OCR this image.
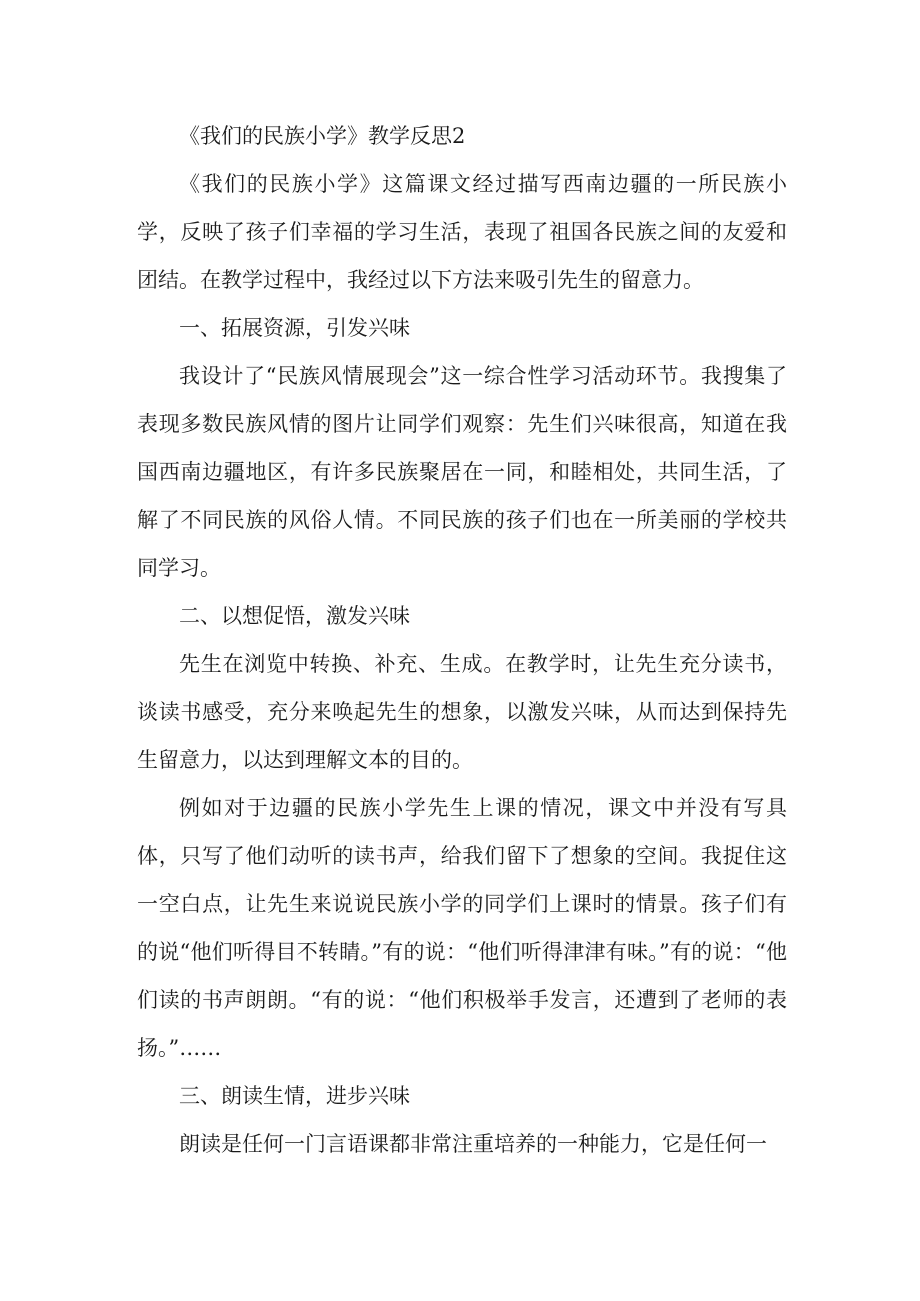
《我们的民族小学》教学反思2

《我们的民族小学》这篇课文经过描写西南边疆的一所民族小学，反映了孩子们幸福的学习生活，表现了祖国各民族之间的友爱和团结。在教学过程中，我经过以下方法来吸引先生的留意力。

一、拓展资源，引发兴味

我设计了“民族风情展现会”这一综合性学习活动环节。我搜集了表现多数民族风情的图片让同学们观察：先生们兴味很高，知道在我国西南边疆地区，有许多民族聚居在一同，和睦相处，共同生活，了解了不同民族的风俗人情。不同民族的孩子们也在一所美丽的学校共同学习。

二、以想促悟，激发兴味

先生在浏览中转换、补充、生成。在教学时，让先生充分读书，谈读书感受，充分来唤起先生的想象，以激发兴味，从而达到保持先生留意力，以达到理解文本的目的。

例如对于边疆的民族小学先生上课的情况，课文中并没有写具体，只写了他们动听的读书声，给我们留下了想象的空间。我捉住这一空白点，让先生来说说民族小学的同学们上课时的情景。孩子们有的说“他们听得目不转睛。”有的说：“他们听得津津有味。”有的说：“他们读的书声朗朗。“有的说：“他们积极举手发言，还遭到了老师的表扬。”……

三、朗读生情，进步兴味

朗读是任何一门言语课都非常注重培养的一种能力，它是任何一
